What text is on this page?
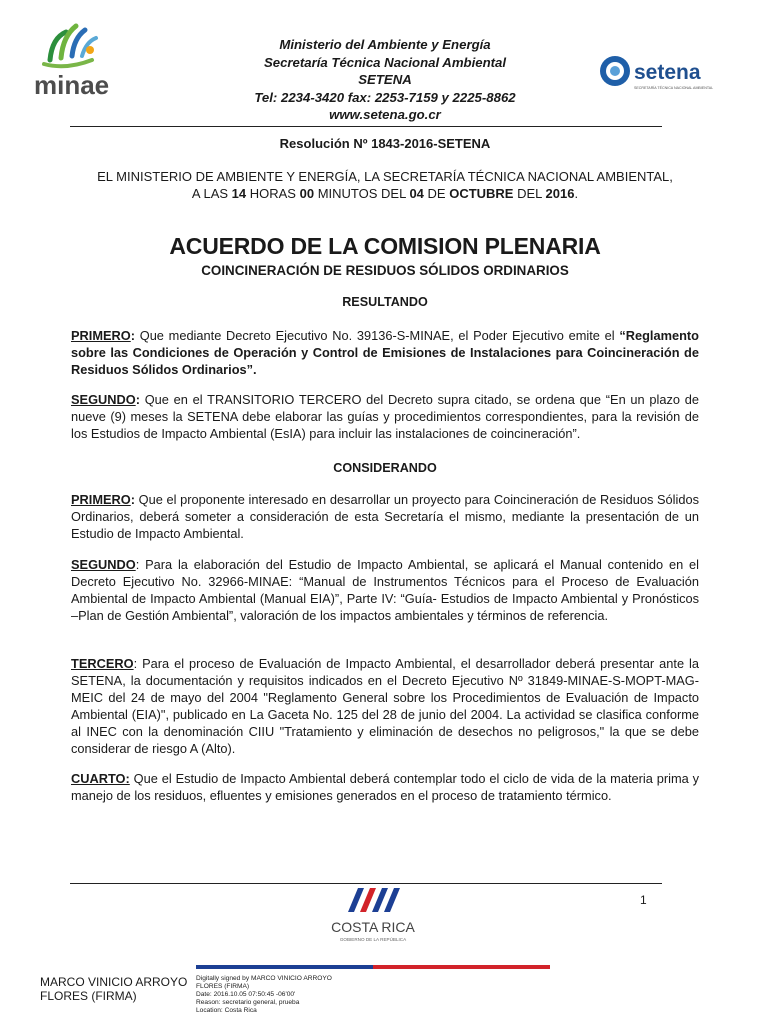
minae
Ministerio del Ambiente y Energía
Secretaría Técnica Nacional Ambiental
SETENA
Tel: 2234-3420 fax: 2253-7159 y 2225-8862
www.setena.go.cr
setena
SECRETARÍA TÉCNICA NACIONAL AMBIENTAL
Resolución Nº 1843-2016-SETENA
EL MINISTERIO DE AMBIENTE Y ENERGÍA, LA SECRETARÍA TÉCNICA NACIONAL AMBIENTAL,
A LAS 14 HORAS 00 MINUTOS DEL 04 DE OCTUBRE DEL 2016.
ACUERDO DE LA COMISION PLENARIA
COINCINERACIÓN DE RESIDUOS SÓLIDOS ORDINARIOS
RESULTANDO
PRIMERO: Que mediante Decreto Ejecutivo No. 39136-S-MINAE, el Poder Ejecutivo emite el “Reglamento sobre las Condiciones de Operación y Control de Emisiones de Instalaciones para Coincineración de Residuos Sólidos Ordinarios”.
SEGUNDO: Que en el TRANSITORIO TERCERO del Decreto supra citado, se ordena que “En un plazo de nueve (9) meses la SETENA debe elaborar las guías y procedimientos correspondientes, para la revisión de los Estudios de Impacto Ambiental (EsIA) para incluir las instalaciones de coincineración”.
CONSIDERANDO
PRIMERO: Que el proponente interesado en desarrollar un proyecto para Coincineración de Residuos Sólidos Ordinarios, deberá someter a consideración de esta Secretaría el mismo, mediante la presentación de un Estudio de Impacto Ambiental.
SEGUNDO: Para la elaboración del Estudio de Impacto Ambiental, se aplicará el Manual contenido en el Decreto Ejecutivo No. 32966-MINAE: “Manual de Instrumentos Técnicos para el Proceso de Evaluación Ambiental de Impacto Ambiental (Manual EIA)”, Parte IV: “Guía- Estudios de Impacto Ambiental y Pronósticos –Plan de Gestión Ambiental”, valoración de los impactos ambientales y términos de referencia.
TERCERO: Para el proceso de Evaluación de Impacto Ambiental, el desarrollador deberá presentar ante la SETENA, la documentación y requisitos indicados en el Decreto Ejecutivo Nº 31849-MINAE-S-MOPT-MAG-MEIC del 24 de mayo del 2004 "Reglamento General sobre los Procedimientos de Evaluación de Impacto Ambiental (EIA)", publicado en La Gaceta No. 125 del 28 de junio del 2004. La actividad se clasifica conforme al INEC con la denominación CIIU "Tratamiento y eliminación de desechos no peligrosos," la que se debe considerar de riesgo A (Alto).
CUARTO: Que el Estudio de Impacto Ambiental deberá contemplar todo el ciclo de vida de la materia prima y manejo de los residuos, efluentes y emisiones generados en el proceso de tratamiento térmico.
1
COSTA RICA
GOBIERNO DE LA REPÚBLICA
MARCO VINICIO ARROYO
FLORES (FIRMA)
Digitally signed by MARCO VINICIO ARROYO
FLORES (FIRMA)
Date: 2016.10.05 07:50:45 -06'00'
Reason: secretario general, prueba
Location: Costa Rica
